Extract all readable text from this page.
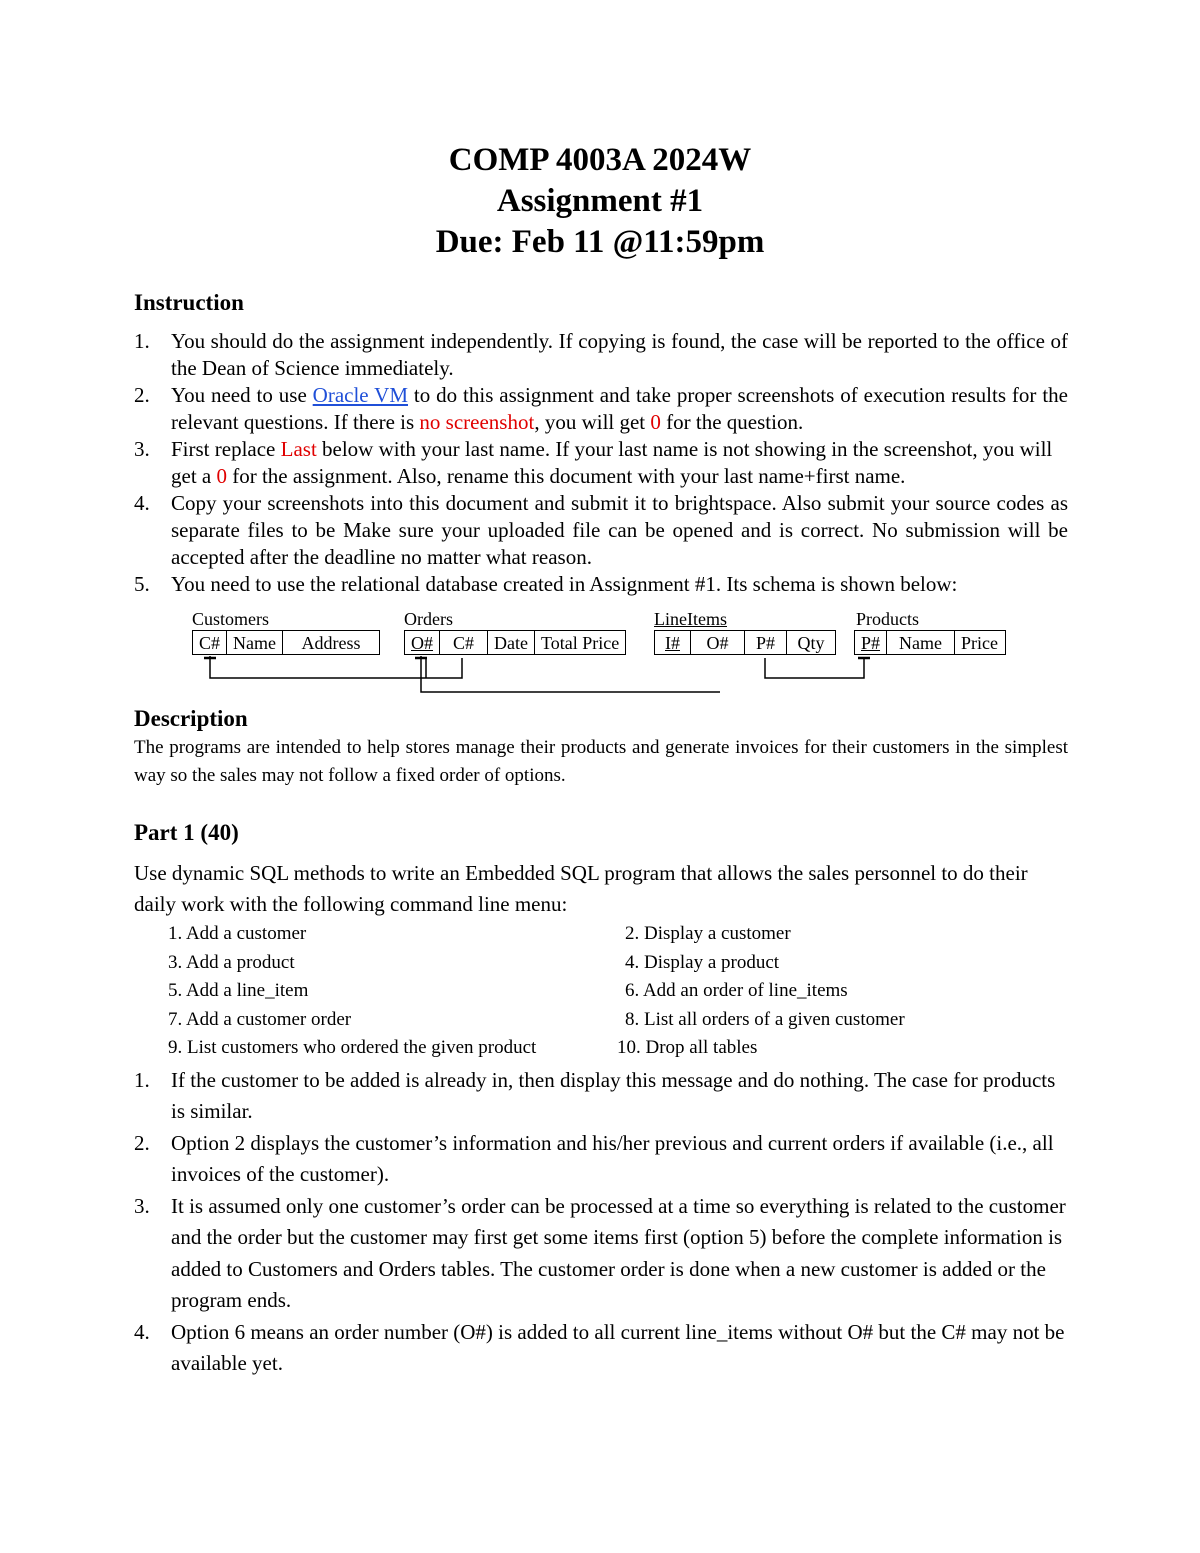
COMP 4003A 2024W
Assignment #1
Due: Feb 11 @11:59pm
Instruction
1. You should do the assignment independently. If copying is found, the case will be reported to the office of the Dean of Science immediately.
2. You need to use Oracle VM to do this assignment and take proper screenshots of execution results for the relevant questions. If there is no screenshot, you will get 0 for the question.
3. First replace Last below with your last name. If your last name is not showing in the screenshot, you will get a 0 for the assignment. Also, rename this document with your last name+first name.
4. Copy your screenshots into this document and submit it to brightspace. Also submit your source codes as separate files to be Make sure your uploaded file can be opened and is correct. No submission will be accepted after the deadline no matter what reason.
5. You need to use the relational database created in Assignment #1. Its schema is shown below:
Customers
C# Name	Address
Orders
O#	C#	Date Total Price
LineItems
I#	O#	P#	Qty
Products
P#	Name	Price
Description
The programs are intended to help stores manage their products and generate invoices for their customers in the simplest way so the sales may not follow a fixed order of options.
Part 1 (40)
Use dynamic SQL methods to write an Embedded SQL program that allows the sales personnel to do their daily work with the following command line menu:
1. Add a customer	2. Display a customer
3. Add a product	4. Display a product
5. Add a line_item	6. Add an order of line_items
7. Add a customer order	8. List all orders of a given customer
9. List customers who ordered the given product	10. Drop all tables
1. If the customer to be added is already in, then display this message and do nothing. The case for products is similar.
2. Option 2 displays the customer’s information and his/her previous and current orders if available (i.e., all invoices of the customer).
3. It is assumed only one customer’s order can be processed at a time so everything is related to the customer and the order but the customer may first get some items first (option 5) before the complete information is added to Customers and Orders tables. The customer order is done when a new customer is added or the program ends.
4. Option 6 means an order number (O#) is added to all current line_items without O# but the C# may not be available yet.
